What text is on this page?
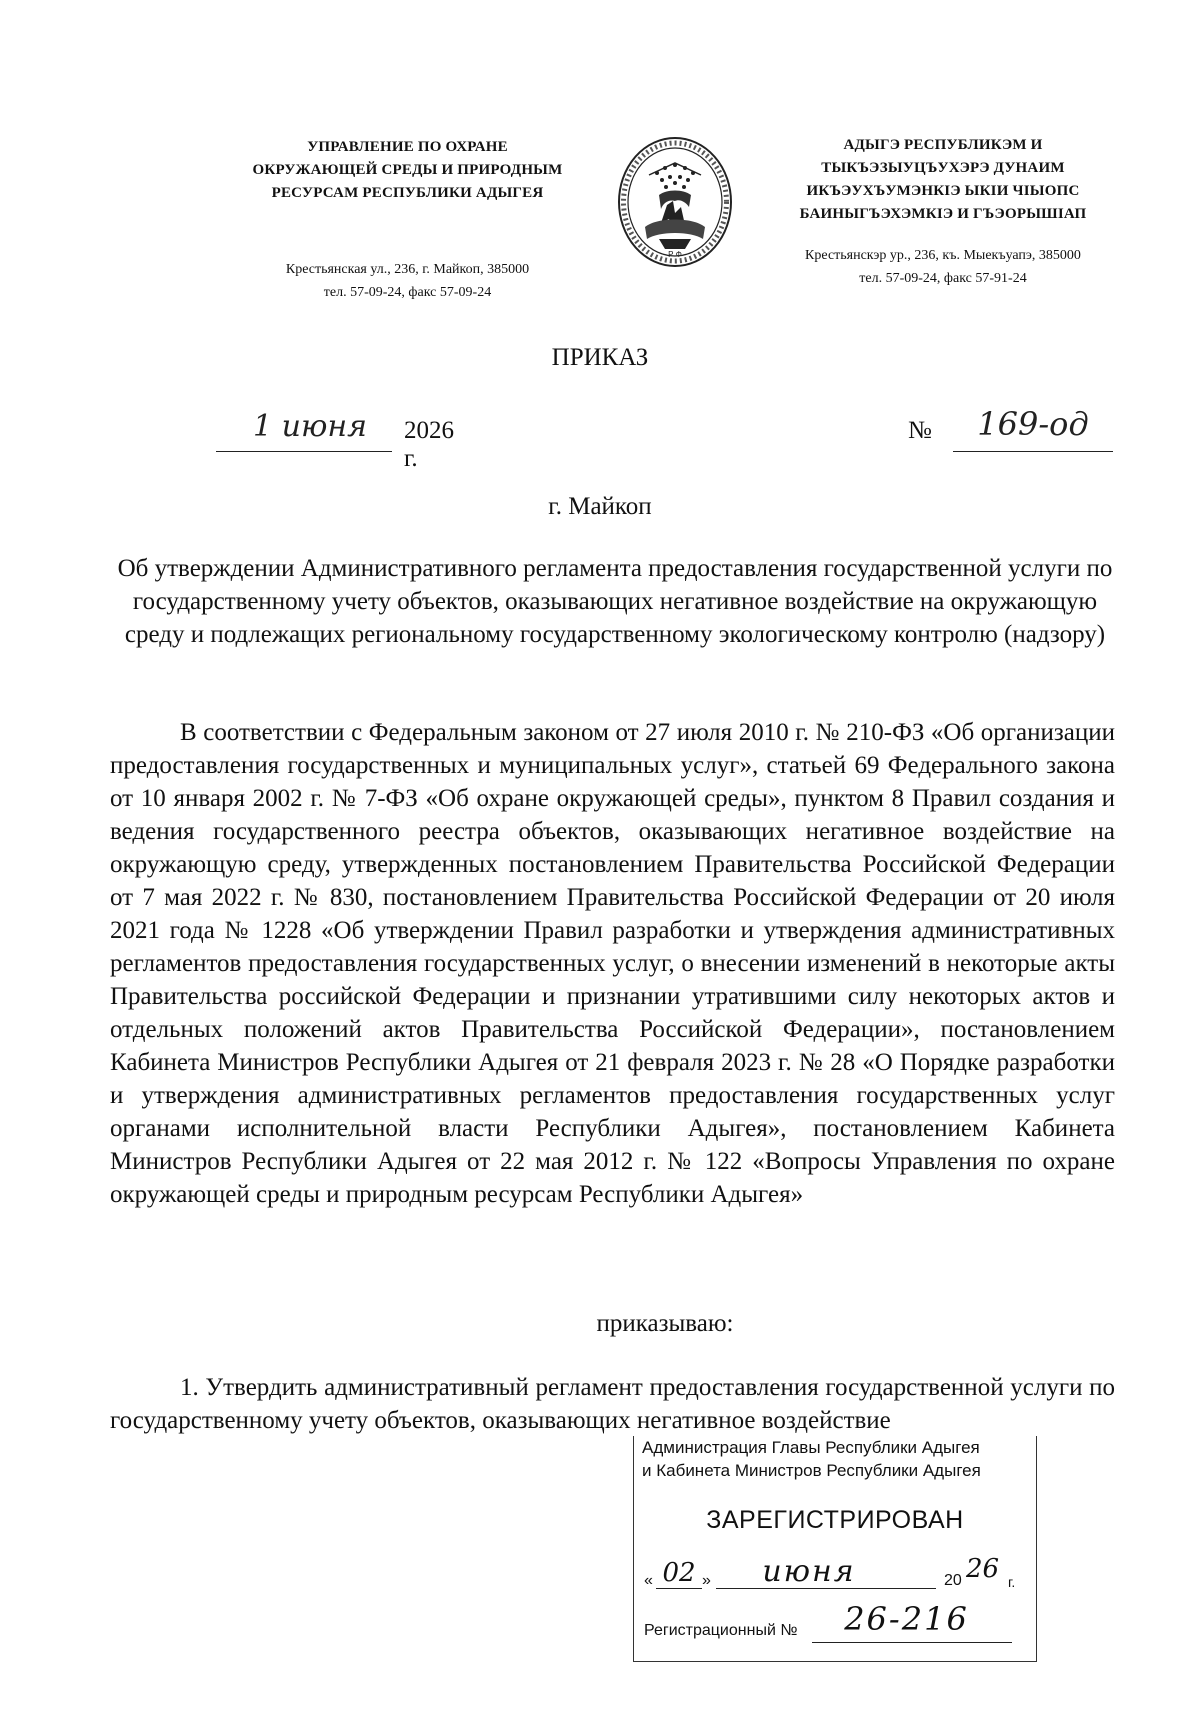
УПРАВЛЕНИЕ ПО ОХРАНЕ
ОКРУЖАЮЩЕЙ СРЕДЫ И ПРИРОДНЫМ
РЕСУРСАМ РЕСПУБЛИКИ АДЫГЕЯ
Крестьянская ул., 236, г. Майкоп, 385000
тел. 57-09-24, факс 57-09-24
Р Ф
АДЫГЭ РЕСПУБЛИКЭМ И
ТЫКЪЭЗЫУЦЪУХЭРЭ ДУНАИМ
ИКЪЭУХЪУМЭНКIЭ ЫКIИ ЧIЫОПС
БАИНЫГЪЭХЭМКIЭ И ГЪЭОРЫШIАП
Крестьянскэр ур., 236, къ. Мыекъуапэ, 385000
тел. 57-09-24, факс 57-91-24
ПРИКАЗ
1 июня	2026 г.
№	169-од
г. Майкоп
Об утверждении Административного регламента предоставления государственной услуги по государственному учету объектов, оказывающих негативное воздействие на окружающую среду и подлежащих региональному государственному экологическому контролю (надзору)
В соответствии с Федеральным законом от 27 июля 2010 г. № 210-ФЗ «Об организации предоставления государственных и муниципальных услуг», статьей 69 Федерального закона от 10 января 2002 г. № 7-ФЗ «Об охране окружающей среды», пунктом 8 Правил создания и ведения государственного реестра объектов, оказывающих негативное воздействие на окружающую среду, утвержденных постановлением Правительства Российской Федерации от 7 мая 2022 г. № 830, постановлением Правительства Российской Федерации от 20 июля 2021 года № 1228 «Об утверждении Правил разработки и утверждения административных регламентов предоставления государственных услуг, о внесении изменений в некоторые акты Правительства российской Федерации и признании утратившими силу некоторых актов и отдельных положений актов Правительства Российской Федерации», постановлением Кабинета Министров Республики Адыгея от 21 февраля 2023 г. № 28 «О Порядке разработки и утверждения административных регламентов предоставления государственных услуг органами исполнительной власти Республики Адыгея», постановлением Кабинета Министров Республики Адыгея от 22 мая 2012 г. № 122 «Вопросы Управления по охране окружающей среды и природным ресурсам Республики Адыгея»
приказываю:
1. Утвердить административный регламент предоставления государственной услуги по государственному учету объектов, оказывающих негативное воздействие
Администрация Главы Республики Адыгея
и Кабинета Министров Республики Адыгея
ЗАРЕГИСТРИРОВАН
« 02 »	июня	20 26 г.
Регистрационный №	26-216
